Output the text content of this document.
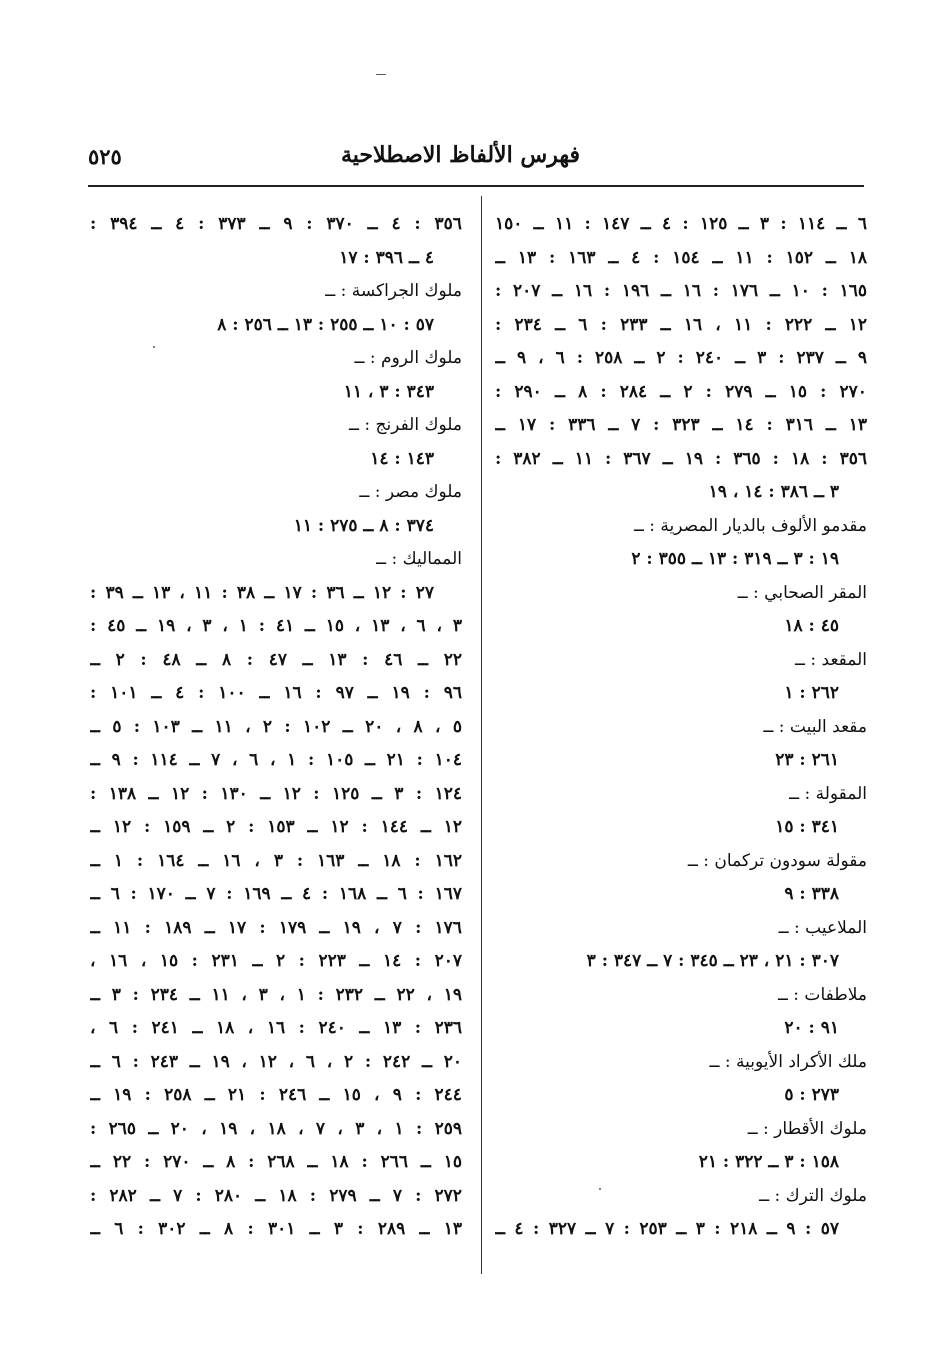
فهرس الألفاظ الاصطلاحية
٥٢٥
٦ ــ ١١٤ : ٣ ــ ١٢٥ : ٤ ــ ١٤٧ : ١١ ــ ١٥٠
١٨ ــ ١٥٢ : ١١ ــ ١٥٤ : ٤ ــ ١٦٣ : ١٣ ــ
١٦٥ : ١٠ ــ ١٧٦ : ١٦ ــ ١٩٦ : ١٦ ــ ٢٠٧ :
١٢ ــ ٢٢٢ : ١١ ، ١٦ ــ ٢٣٣ : ٦ ــ ٢٣٤ :
٩ ــ ٢٣٧ : ٣ ــ ٢٤٠ : ٢ ــ ٢٥٨ : ٦ ، ٩ ــ
٢٧٠ : ١٥ ــ ٢٧٩ : ٢ ــ ٢٨٤ : ٨ ــ ٢٩٠ :
١٣ ــ ٣١٦ : ١٤ ــ ٣٢٣ : ٧ ــ ٣٣٦ : ١٧ ــ
٣٥٦ : ١٨ : ٣٦٥ : ١٩ ــ ٣٦٧ : ١١ ــ ٣٨٢ :
٣ ــ ٣٨٦ : ١٤ ، ١٩
مقدمو الألوف بالديار المصرية : ــ
١٩ : ٣ ــ ٣١٩ : ١٣ ــ ٣٥٥ : ٢
المقر الصحابي : ــ
٤٥ : ١٨
المقعد : ــ
٢٦٢ : ١
مقعد البيت : ــ
٢٦١ : ٢٣
المقولة : ــ
٣٤١ : ١٥
مقولة سودون تركمان : ــ
٣٣٨ : ٩
الملاعيب : ــ
٣٠٧ : ٢١ ، ٢٣ ــ ٣٤٥ : ٧ ــ ٣٤٧ : ٣
ملاطفات : ــ
٩١ : ٢٠
ملك الأكراد الأيوبية : ــ
٢٧٣ : ٥
ملوك الأقطار : ــ
١٥٨ : ٣ ــ ٣٢٢ : ٢١
ملوك الترك : ــ
٥٧ : ٩ ــ ٢١٨ : ٣ ــ ٢٥٣ : ٧ ــ ٣٢٧ : ٤ ــ
٣٥٦ : ٤ ــ ٣٧٠ : ٩ ــ ٣٧٣ : ٤ ــ ٣٩٤ :
٤ ــ ٣٩٦ : ١٧
ملوك الجراكسة : ــ
٥٧ : ١٠ ــ ٢٥٥ : ١٣ ــ ٢٥٦ : ٨
ملوك الروم : ــ
٣٤٣ : ٣ ، ١١
ملوك الفرنج : ــ
١٤٣ : ١٤
ملوك مصر : ــ
٣٧٤ : ٨ ــ ٢٧٥ : ١١
المماليك : ــ
٢٧ : ١٢ ــ ٣٦ : ١٧ ــ ٣٨ : ١١ ، ١٣ ــ ٣٩ :
٣ ، ٦ ، ١٣ ، ١٥ ــ ٤١ : ١ ، ٣ ، ١٩ ــ ٤٥ :
٢٢ ــ ٤٦ : ١٣ ــ ٤٧ : ٨ ــ ٤٨ : ٢ ــ
٩٦ : ١٩ ــ ٩٧ : ١٦ ــ ١٠٠ : ٤ ــ ١٠١ :
٥ ، ٨ ، ٢٠ ــ ١٠٢ : ٢ ، ١١ ــ ١٠٣ : ٥ ــ
١٠٤ : ٢١ ــ ١٠٥ : ١ ، ٦ ، ٧ ــ ١١٤ : ٩ ــ
١٢٤ : ٣ ــ ١٢٥ : ١٢ ــ ١٣٠ : ١٢ ــ ١٣٨ :
١٢ ــ ١٤٤ : ١٢ ــ ١٥٣ : ٢ ــ ١٥٩ : ١٢ ــ
١٦٢ : ١٨ ــ ١٦٣ : ٣ ، ١٦ ــ ١٦٤ : ١ ــ
١٦٧ : ٦ ــ ١٦٨ : ٤ ــ ١٦٩ : ٧ ــ ١٧٠ : ٦ ــ
١٧٦ : ٧ ، ١٩ ــ ١٧٩ : ١٧ ــ ١٨٩ : ١١ ــ
٢٠٧ : ١٤ ــ ٢٢٣ : ٢ ــ ٢٣١ : ١٥ ، ١٦ ،
١٩ ، ٢٢ ــ ٢٣٢ : ١ ، ٣ ، ١١ ــ ٢٣٤ : ٣ ــ
٢٣٦ : ١٣ ــ ٢٤٠ : ١٦ ، ١٨ ــ ٢٤١ : ٦ ،
٢٠ ــ ٢٤٢ : ٢ ، ٦ ، ١٢ ، ١٩ ــ ٢٤٣ : ٦ ــ
٢٤٤ : ٩ ، ١٥ ــ ٢٤٦ : ٢١ ــ ٢٥٨ : ١٩ ــ
٢٥٩ : ١ ، ٣ ، ٧ ، ١٨ ، ١٩ ، ٢٠ ــ ٢٦٥ :
١٥ ــ ٢٦٦ : ١٨ ــ ٢٦٨ : ٨ ــ ٢٧٠ : ٢٢ ــ
٢٧٢ : ٧ ــ ٢٧٩ : ١٨ ــ ٢٨٠ : ٧ ــ ٢٨٢ :
١٣ ــ ٢٨٩ : ٣ ــ ٣٠١ : ٨ ــ ٣٠٢ : ٦ ــ
